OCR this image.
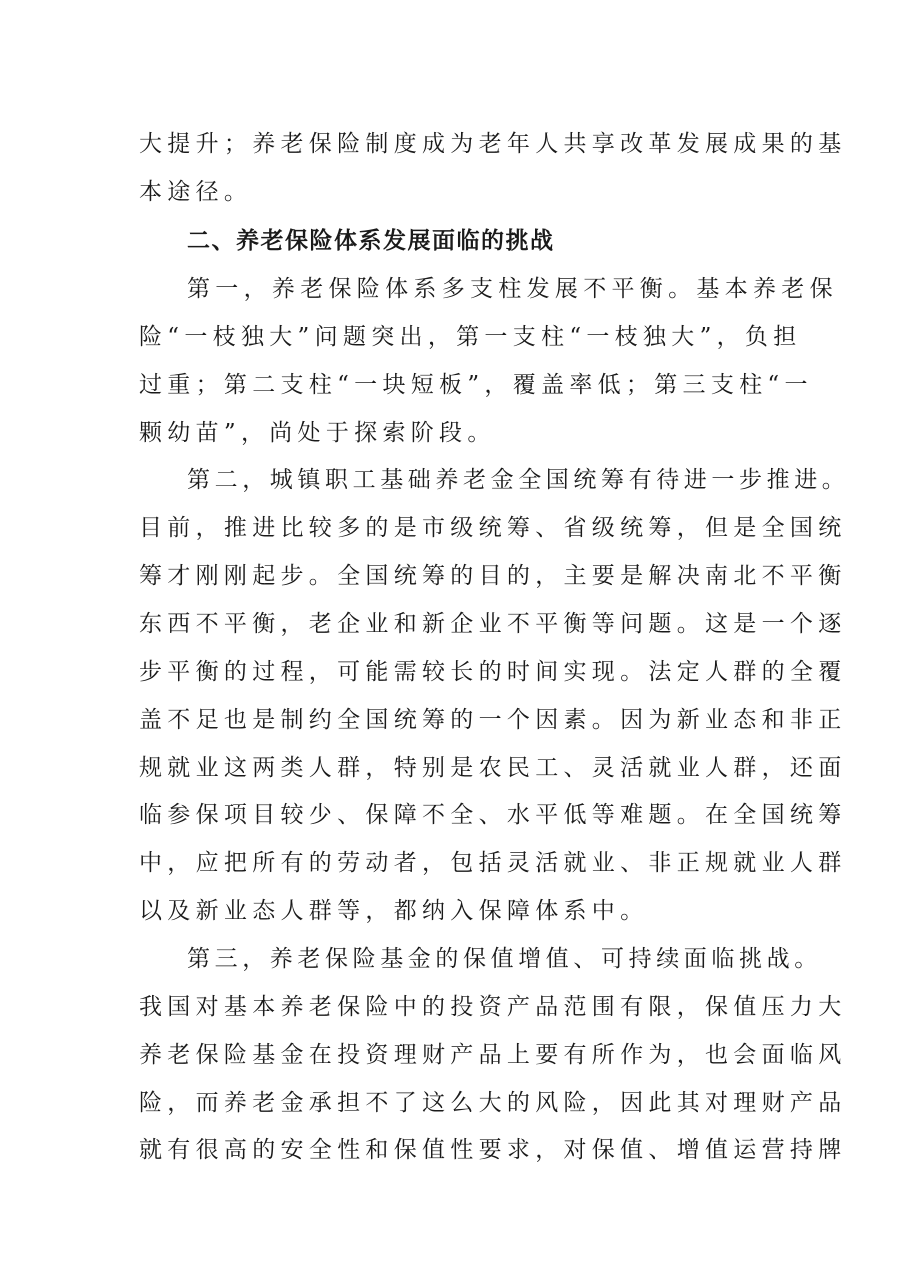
大提升；养老保险制度成为老年人共享改革发展成果的基
本途径。
二、养老保险体系发展面临的挑战
第一，养老保险体系多支柱发展不平衡。基本养老保
险“一枝独大”问题突出，第一支柱“一枝独大”，负担
过重；第二支柱“一块短板”，覆盖率低；第三支柱“一
颗幼苗”，尚处于探索阶段。
第二，城镇职工基础养老金全国统筹有待进一步推进。
目前，推进比较多的是市级统筹、省级统筹，但是全国统
筹才刚刚起步。全国统筹的目的，主要是解决南北不平衡
东西不平衡，老企业和新企业不平衡等问题。这是一个逐
步平衡的过程，可能需较长的时间实现。法定人群的全覆
盖不足也是制约全国统筹的一个因素。因为新业态和非正
规就业这两类人群，特别是农民工、灵活就业人群，还面
临参保项目较少、保障不全、水平低等难题。在全国统筹
中，应把所有的劳动者，包括灵活就业、非正规就业人群
以及新业态人群等，都纳入保障体系中。
第三，养老保险基金的保值增值、可持续面临挑战。
我国对基本养老保险中的投资产品范围有限，保值压力大
养老保险基金在投资理财产品上要有所作为，也会面临风
险，而养老金承担不了这么大的风险，因此其对理财产品
就有很高的安全性和保值性要求，对保值、增值运营持牌
